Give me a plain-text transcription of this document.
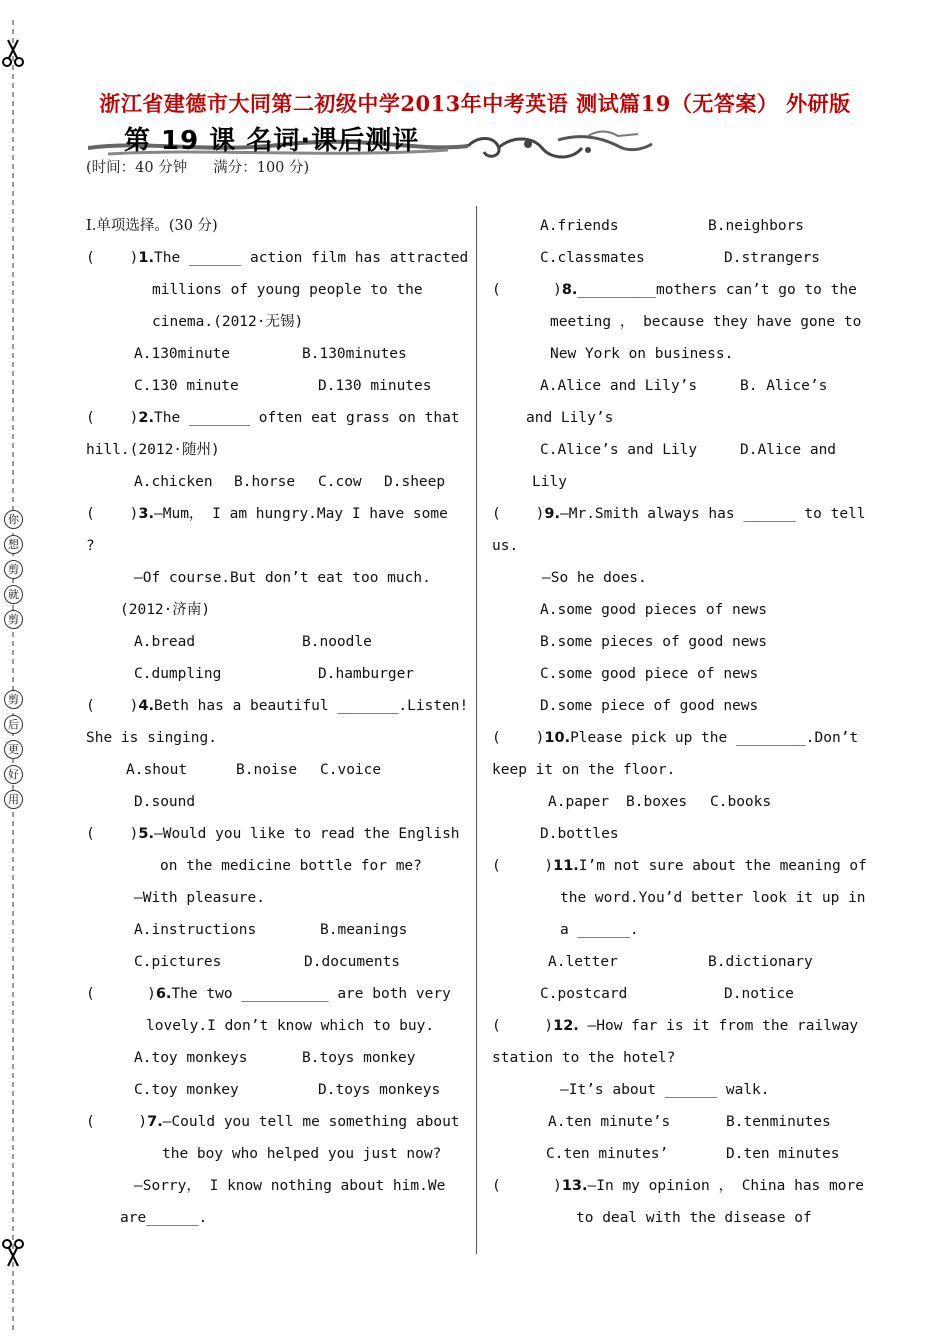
你
想
剪
就
剪
剪
后
更
好
用
浙江省建德市大同第二初级中学2013年中考英语 测试篇19（无答案） 外研版
第 19 课 名词·课后测评
(时间：40 分钟 满分：100 分)
Ⅰ.单项选择。(30 分)
(    )1.The ______ action film has attracted
millions of young people to the
cinema.(2012·无锡)
A.130minute	B.130minutes
C.130 minute	D.130 minutes
(    )2.The _______ often eat grass on that
hill.(2012·随州)
A.chicken B.horse C.cow D.sheep
(    )3.—Mum， I am hungry.May I have some
?
—Of course.But don’t eat too much.
(2012·济南)
A.bread	B.noodle
C.dumpling	D.hamburger
(    )4.Beth has a beautiful _______.Listen!
She is singing.
A.shout	B.noise C.voice
D.sound
(    )5.—Would you like to read the English
on the medicine bottle for me?
—With pleasure.
A.instructions	B.meanings
C.pictures	D.documents
(      )6.The two __________ are both very
lovely.I don’t know which to buy.
A.toy monkeys	B.toys monkey
C.toy monkey	D.toys monkeys
(     )7.—Could you tell me something about
the boy who helped you just now?
—Sorry， I know nothing about him.We
are______.
A.friends	B.neighbors
C.classmates	D.strangers
(      )8._________mothers can’t go to the
meeting ， because they have gone to
New York on business.
A.Alice and Lily’s	B. Alice’s
and Lily’s
C.Alice’s and Lily	D.Alice and
Lily
(    )9.—Mr.Smith always has ______ to tell
us.
—So he does.
A.some good pieces of news
B.some pieces of good news
C.some good piece of news
D.some piece of good news
(    )10.Please pick up the ________.Don’t
keep it on the floor.
A.paper B.boxes C.books
D.bottles
(     )11.I’m not sure about the meaning of
the word.You’d better look it up in
a ______.
A.letter	B.dictionary
C.postcard	D.notice
(     )12. —How far is it from the railway
station to the hotel?
—It’s about ______ walk.
A.ten minute’s	B.tenminutes
C.ten minutes’	D.ten minutes
(      )13.—In my opinion ， China has more
to deal with the disease of
